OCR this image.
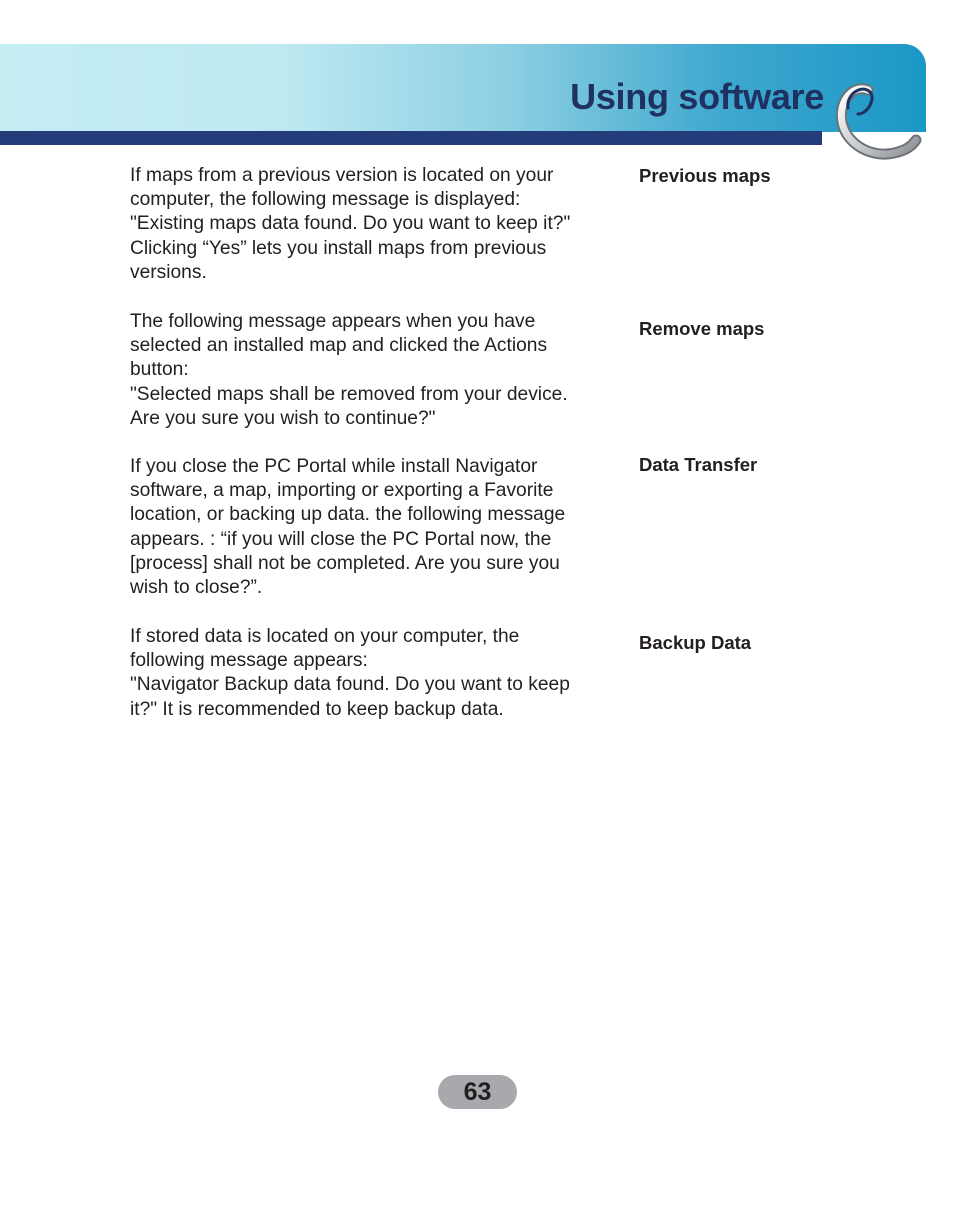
Using software

If maps from a previous version is located on your
computer, the following message is displayed:
"Existing maps data found. Do you want to keep it?"
Clicking “Yes” lets you install maps from previous
versions.

Previous maps

The following message appears when you have
selected an installed map and clicked the Actions
button:
"Selected maps shall be removed from your device.
Are you sure you wish to continue?"

Remove maps

If you close the PC Portal while install Navigator
software, a map, importing or exporting a Favorite
location, or backing up data. the following message
appears. : “if you will close the PC Portal now, the
[process] shall not be completed. Are you sure you
wish to close?”.

Data Transfer

If stored data is located on your computer, the
following message appears:
"Navigator Backup data found. Do you want to keep
it?" It is recommended to keep backup data.

Backup Data

63
